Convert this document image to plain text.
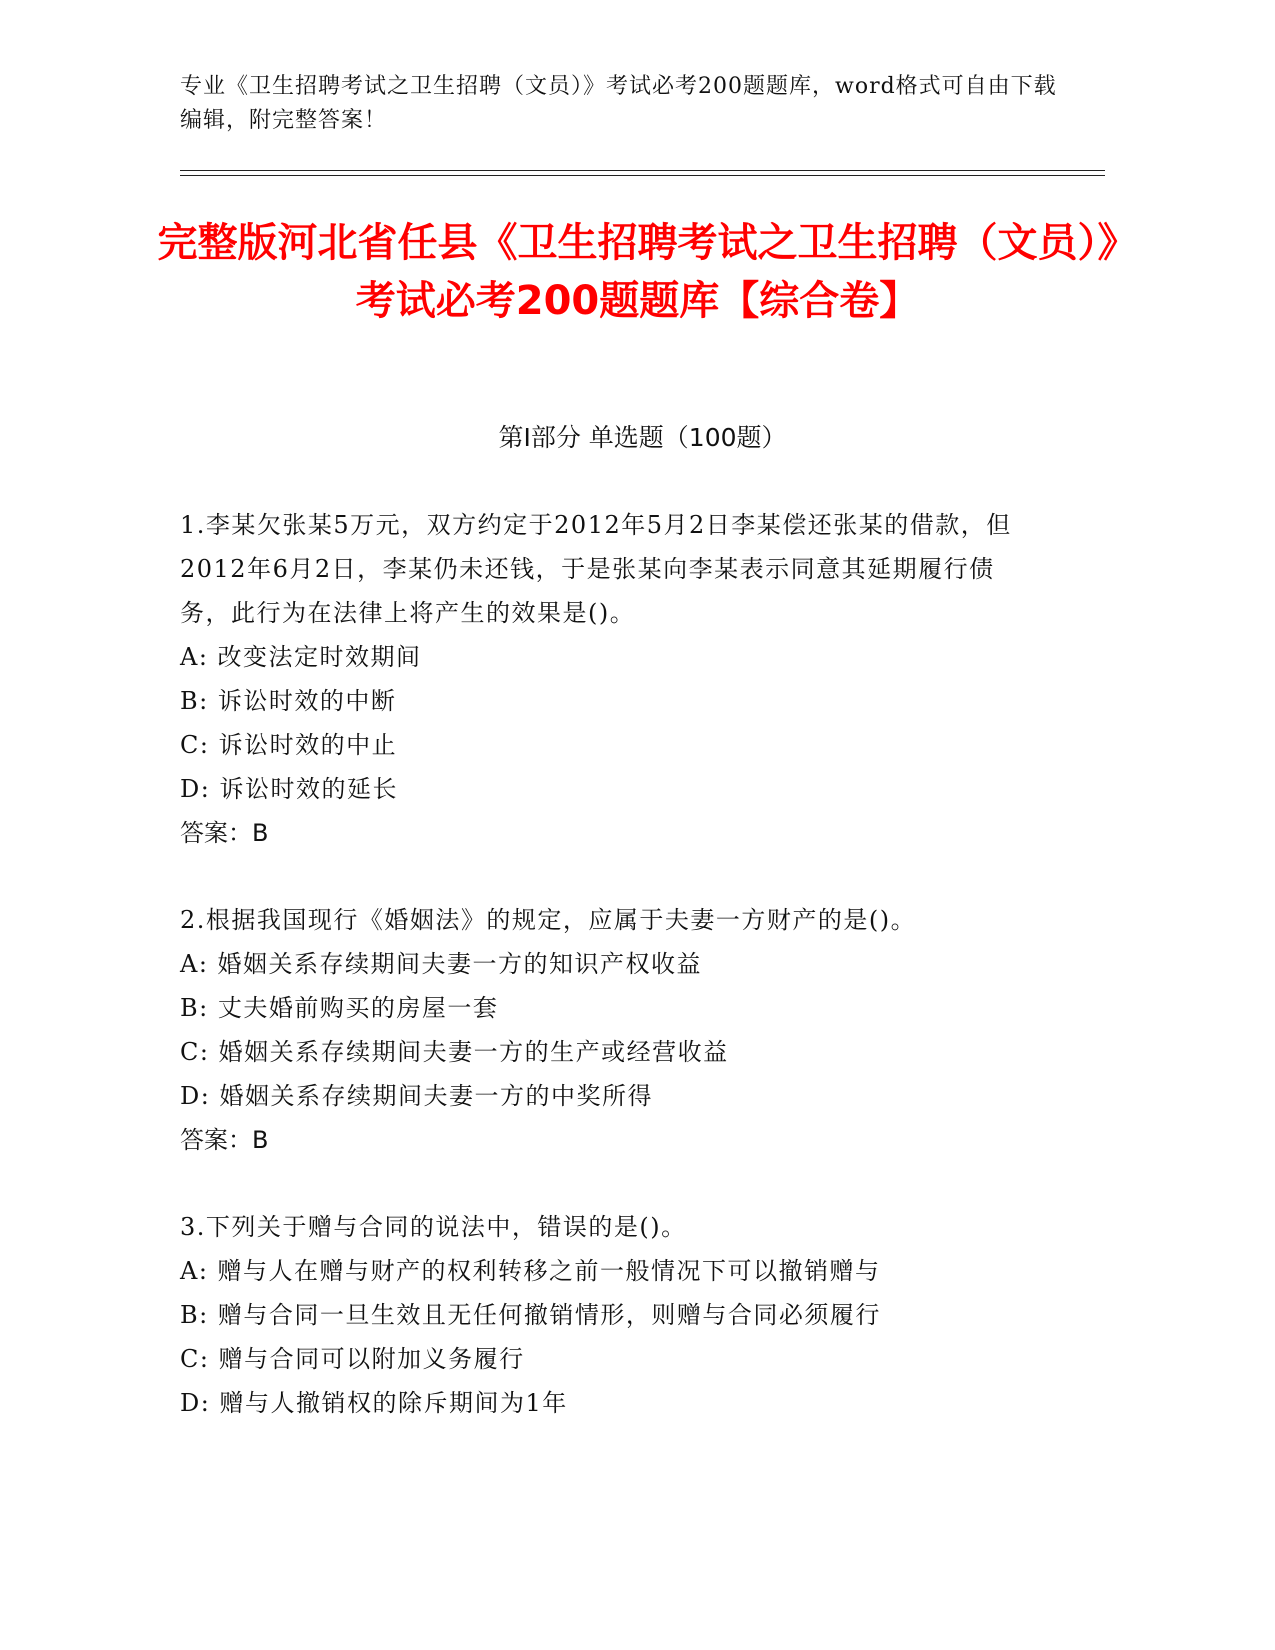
专业《卫生招聘考试之卫生招聘（文员）》考试必考200题题库，word格式可自由下载编辑，附完整答案！
完整版河北省任县《卫生招聘考试之卫生招聘（文员）》考试必考200题题库【综合卷】
第I部分 单选题（100题）
1.李某欠张某5万元，双方约定于2012年5月2日李某偿还张某的借款，但2012年6月2日，李某仍未还钱，于是张某向李某表示同意其延期履行债务，此行为在法律上将产生的效果是()。
A: 改变法定时效期间
B: 诉讼时效的中断
C: 诉讼时效的中止
D: 诉讼时效的延长
答案：B
2.根据我国现行《婚姻法》的规定，应属于夫妻一方财产的是()。
A: 婚姻关系存续期间夫妻一方的知识产权收益
B: 丈夫婚前购买的房屋一套
C: 婚姻关系存续期间夫妻一方的生产或经营收益
D: 婚姻关系存续期间夫妻一方的中奖所得
答案：B
3.下列关于赠与合同的说法中，错误的是()。
A: 赠与人在赠与财产的权利转移之前一般情况下可以撤销赠与
B: 赠与合同一旦生效且无任何撤销情形，则赠与合同必须履行
C: 赠与合同可以附加义务履行
D: 赠与人撤销权的除斥期间为1年
